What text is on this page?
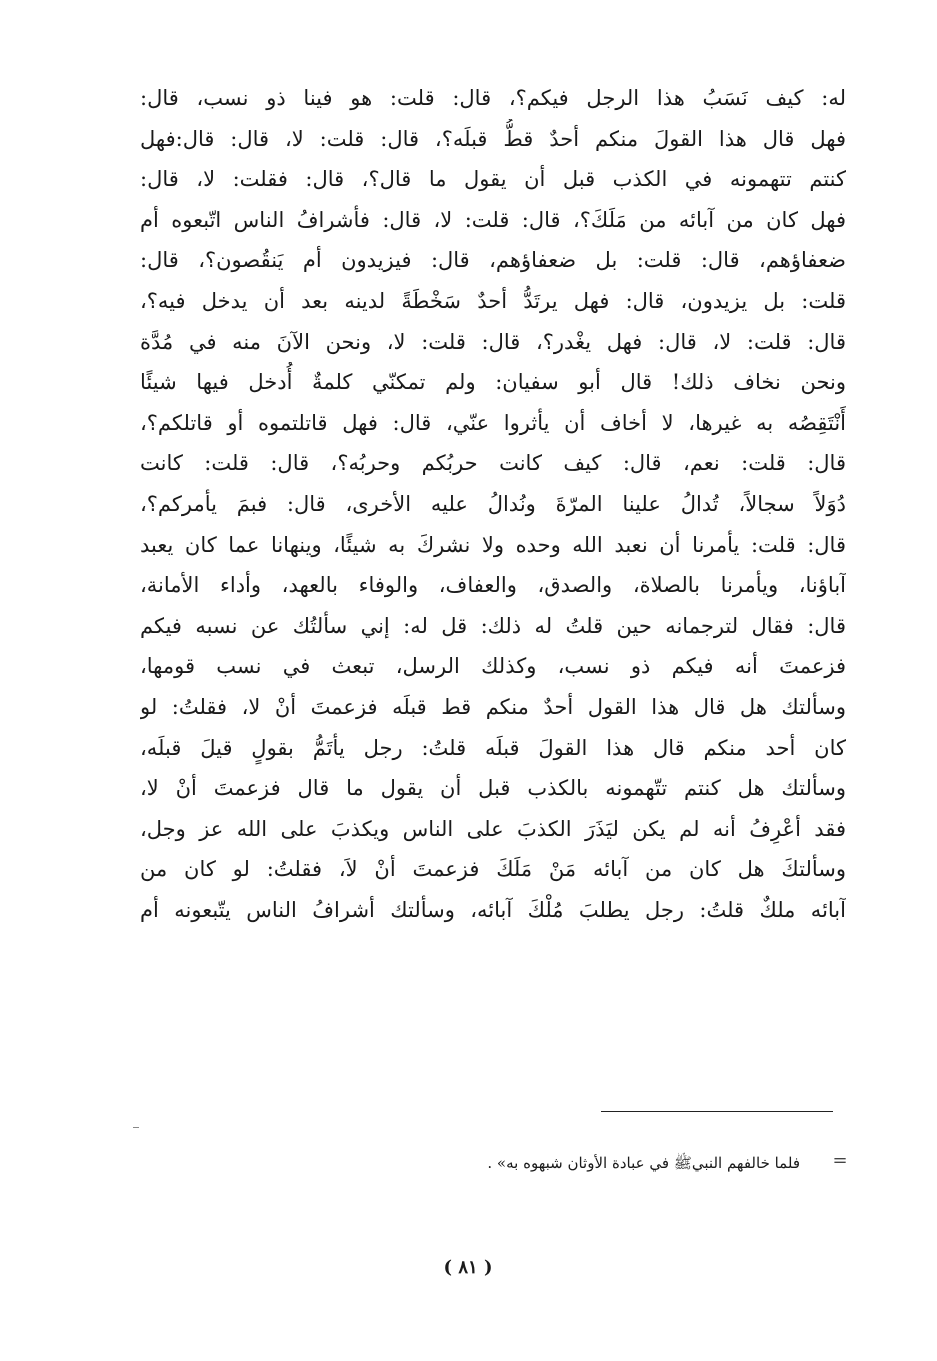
له: كيف نَسَبُ هذا الرجل فيكم؟، قال: قلت: هو فينا ذو نسب، قال:
فهل قال هذا القولَ منكم أحدٌ قطُّ قبلَه؟، قال: قلت: لا، قال: قال:فهل
كنتم تتهمونه في الكذب قبل أن يقول ما قال؟، قال: فقلت: لا، قال:
فهل كان من آبائه من مَلَكَ؟، قال: قلت: لا، قال: فأشرافُ الناس اتّبعوه أم
ضعفاؤهم، قال: قلت: بل ضعفاؤهم، قال: فيزيدون أم يَنقُصون؟، قال:
قلت: بل يزيدون، قال: فهل يرتَدُّ أحدٌ سَخْطَةً لدينه بعد أن يدخل فيه؟،
قال: قلت: لا، قال: فهل يغْدر؟، قال: قلت: لا، ونحن الآنَ منه في مُدَّة
ونحن نخاف ذلك! قال أبو سفيان: ولم تمكنّي كلمةٌ أُدخل فيها شيئًا
أَنْتَقِصُه به غيرها، لا أخاف أن يأثروا عنّي، قال: فهل قاتلتموه أو قاتلكم؟،
قال: قلت: نعم، قال: كيف كانت حربُكم وحربُه؟، قال: قلت: كانت
دُوَلاً سجالاً، تُدالُ علينا المرّةَ ونُدالُ عليه الأخرى، قال: فبمَ يأمركم؟،
قال: قلت: يأمرنا أن نعبد الله وحده ولا نشركَ به شيئًا، وينهانا عما كان يعبد
آباؤنا، ويأمرنا بالصلاة، والصدق، والعفاف، والوفاء بالعهد، وأداء الأمانة،
قال: فقال لترجمانه حين قلتُ له ذلك: قل له: إني سألتُك عن نسبه فيكم
فزعمتَ أنه فيكم ذو نسب، وكذلك الرسل، تبعث في نسب قومها،
وسألتك هل قال هذا القول أحدٌ منكم قط قبلَه فزعمتَ أنْ لا، فقلتُ: لو
كان أحد منكم قال هذا القولَ قبلَه قلتُ: رجل يأتَمُّ بقولٍ قيلَ قبلَه،
وسألتك هل كنتم تتّهمونه بالكذب قبل أن يقول ما قال فزعمتَ أنْ لا،
فقد أعْرِفُ أنه لم يكن ليَذَرَ الكذبَ على الناس ويكذبَ على الله عز وجل،
وسألتكَ هل كان من آبائه مَنْ مَلَكَ فزعمتَ أنْ لاَ، فقلتُ: لو كان من
آبائه ملكٌ قلتُ: رجل يطلبَ مُلْكَ آبائه، وسألتك أشرافُ الناس يتّبعونه أم
=
فلما خالفهم النبيﷺ في عبادة الأوثان شبهوه به» .
( ٨١ )
